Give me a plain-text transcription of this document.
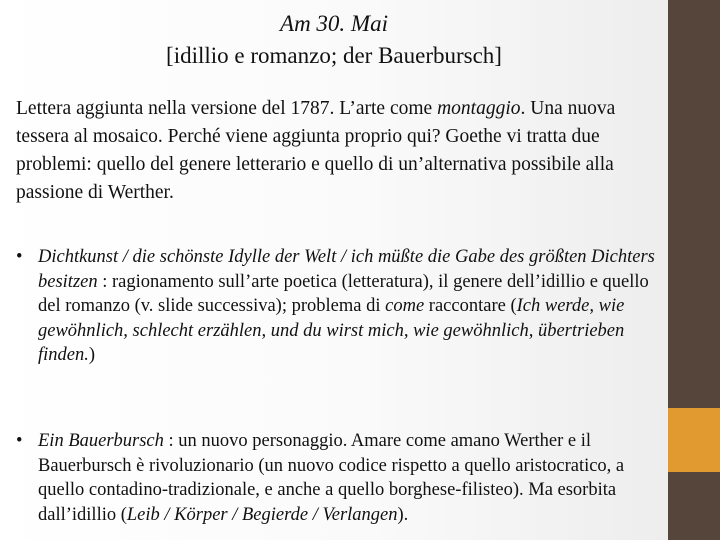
Am 30. Mai
[idillio e romanzo; der Bauerbursch]
Lettera aggiunta nella versione del 1787. L’arte come montaggio. Una nuova tessera al mosaico. Perché viene aggiunta proprio qui? Goethe vi tratta due problemi: quello del genere letterario e quello di un’alternativa possibile alla passione di Werther.
• Dichtkunst / die schönste Idylle der Welt / ich müßte die Gabe des größten Dichters besitzen : ragionamento sull’arte poetica (letteratura), il genere dell’idillio e quello del romanzo (v. slide successiva); problema di come raccontare (Ich werde, wie gewöhnlich, schlecht erzählen, und du wirst mich, wie gewöhnlich, übertrieben finden.)
• Ein Bauerbursch : un nuovo personaggio. Amare come amano Werther e il Bauerbursch è rivoluzionario (un nuovo codice rispetto a quello aristocratico, a quello contadino-tradizionale, e anche a quello borghese-filisteo). Ma esorbita dall’idillio (Leib / Körper / Begierde / Verlangen).
